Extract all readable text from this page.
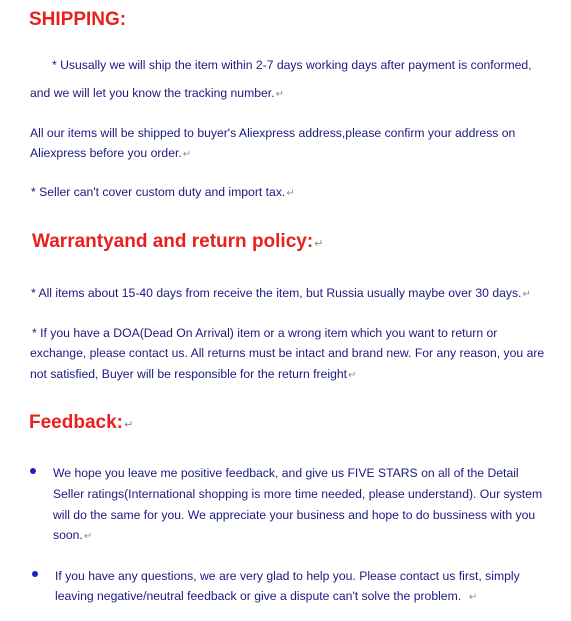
SHIPPING:
* Ususally we will ship the item within 2-7 days working days after payment is conformed,
and we will let you know the tracking number.↵
All our items will be shipped to buyer's Aliexpress address,please confirm your address on
Aliexpress before you order.↵
* Seller can't cover custom duty and import tax.↵
Warrantyand and return policy:↵
* All items about 15-40 days from receive the item, but Russia usually maybe over 30 days.↵
* If you have a DOA(Dead On Arrival) item or a wrong item which you want to return or
exchange, please contact us. All returns must be intact and brand new. For any reason, you are
not satisfied, Buyer will be responsible for the return freight↵
Feedback:↵
We hope you leave me positive feedback, and give us FIVE STARS on all of the Detail
Seller ratings(International shopping is more time needed, please understand). Our system
will do the same for you. We appreciate your business and hope to do bussiness with you
soon.↵
If you have any questions, we are very glad to help you. Please contact us first, simply
leaving negative/neutral feedback or give a dispute can't solve the problem. ↵
